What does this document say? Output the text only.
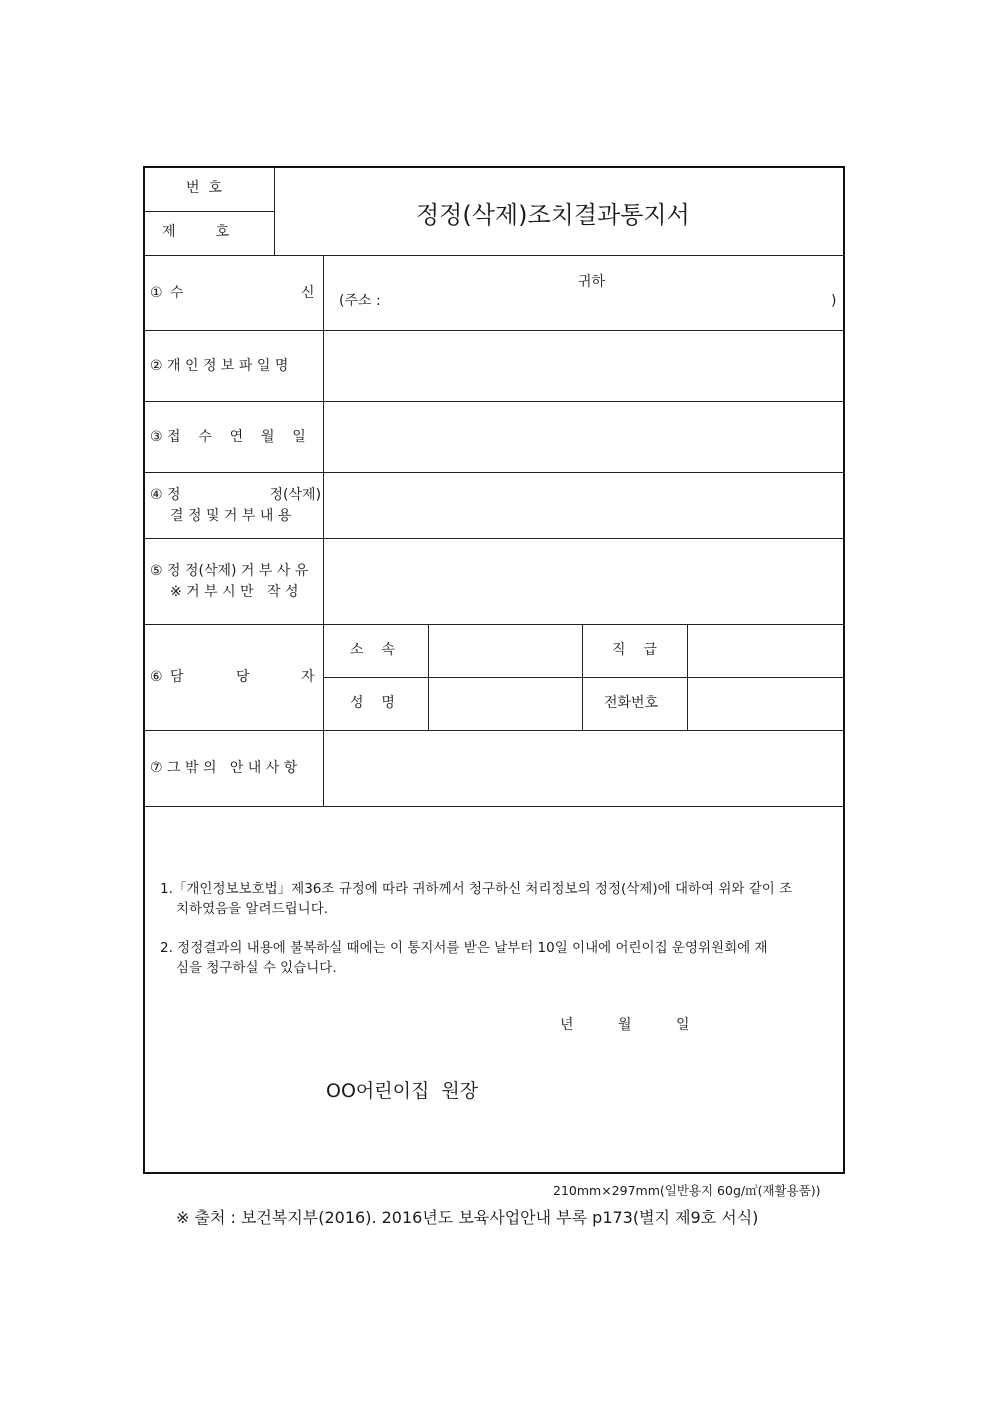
번  호
제         호
정정(삭제)조치결과통지서
① 수	신
귀하
(주소 :	)
② 개 인 정 보 파 일 명
③ 접    수    연    월    일
④ 정                    정(삭제)
결 정 및 거 부 내 용
⑤ 정 정(삭제) 거 부 사 유
※ 거 부 시 만   작 성
⑥ 담	당	자
소    속	직    급
성    명	전화번호
⑦ 그 밖 의   안 내 사 항
1.「개인정보보호법」제36조 규정에 따라 귀하께서 청구하신 처리정보의 정정(삭제)에 대하여 위와 같이 조
치하였음을 알려드립니다.
2. 정정결과의 내용에 불복하실 때에는 이 통지서를 받은 날부터 10일 이내에 어린이집 운영위원회에 재
심을 청구하실 수 있습니다.
년	월	일
OO어린이집  원장
210mm×297mm(일반용지 60g/㎡(재활용품))
※ 출처 : 보건복지부(2016). 2016년도 보육사업안내 부록 p173(별지 제9호 서식)
